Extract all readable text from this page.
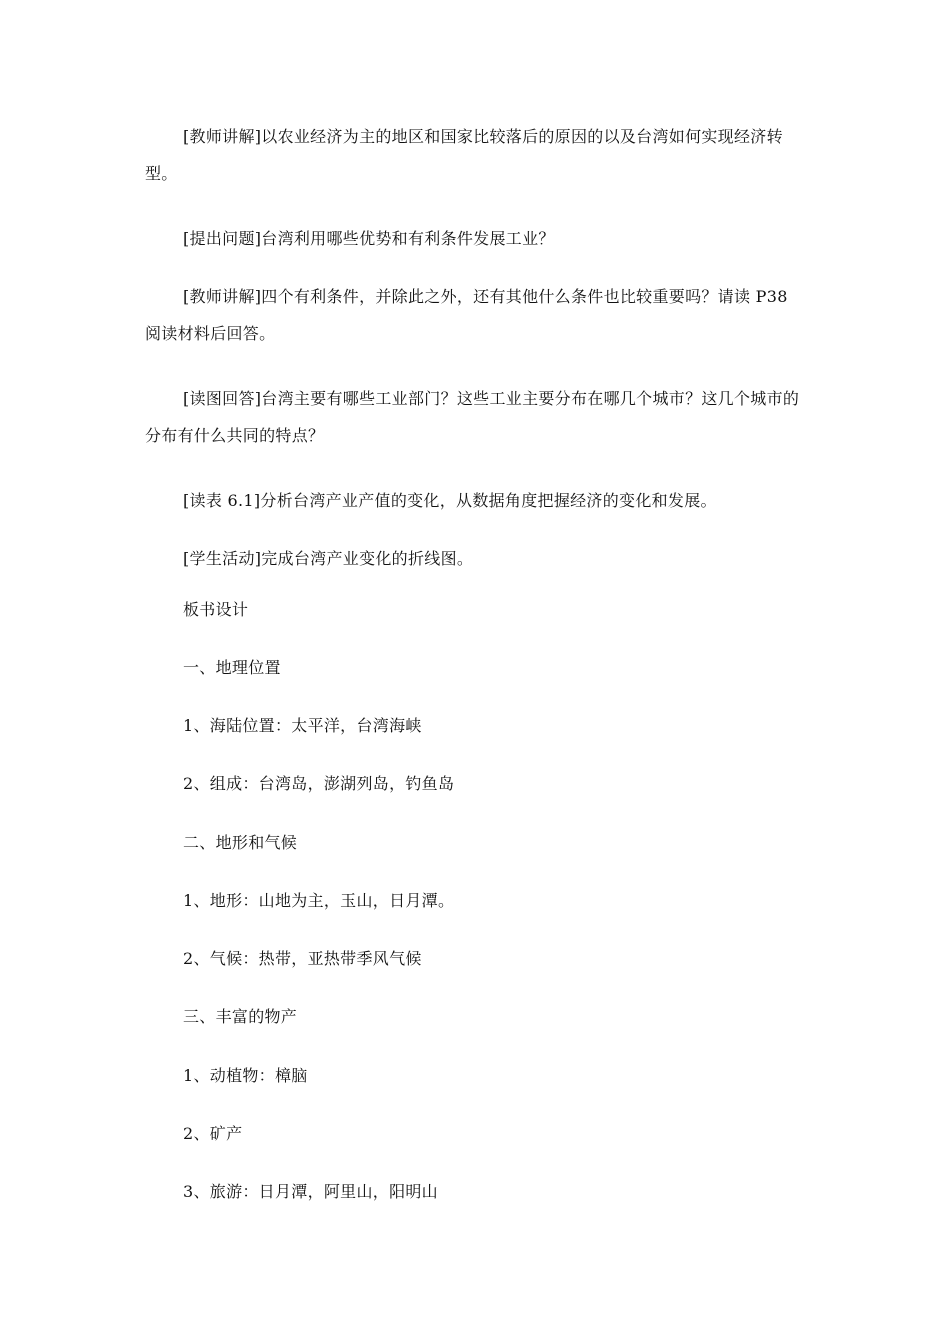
[教师讲解]以农业经济为主的地区和国家比较落后的原因的以及台湾如何实现经济转型。

[提出问题]台湾利用哪些优势和有利条件发展工业？

[教师讲解]四个有利条件，并除此之外，还有其他什么条件也比较重要吗？请读 P38 阅读材料后回答。

[读图回答]台湾主要有哪些工业部门？这些工业主要分布在哪几个城市？这几个城市的分布有什么共同的特点？

[读表 6.1]分析台湾产业产值的变化，从数据角度把握经济的变化和发展。

[学生活动]完成台湾产业变化的折线图。

板书设计

一、地理位置

1、海陆位置：太平洋，台湾海峡

2、组成：台湾岛，澎湖列岛，钓鱼岛

二、地形和气候

1、地形：山地为主，玉山，日月潭。

2、气候：热带，亚热带季风气候

三、丰富的物产

1、动植物：樟脑

2、矿产

3、旅游：日月潭，阿里山，阳明山
